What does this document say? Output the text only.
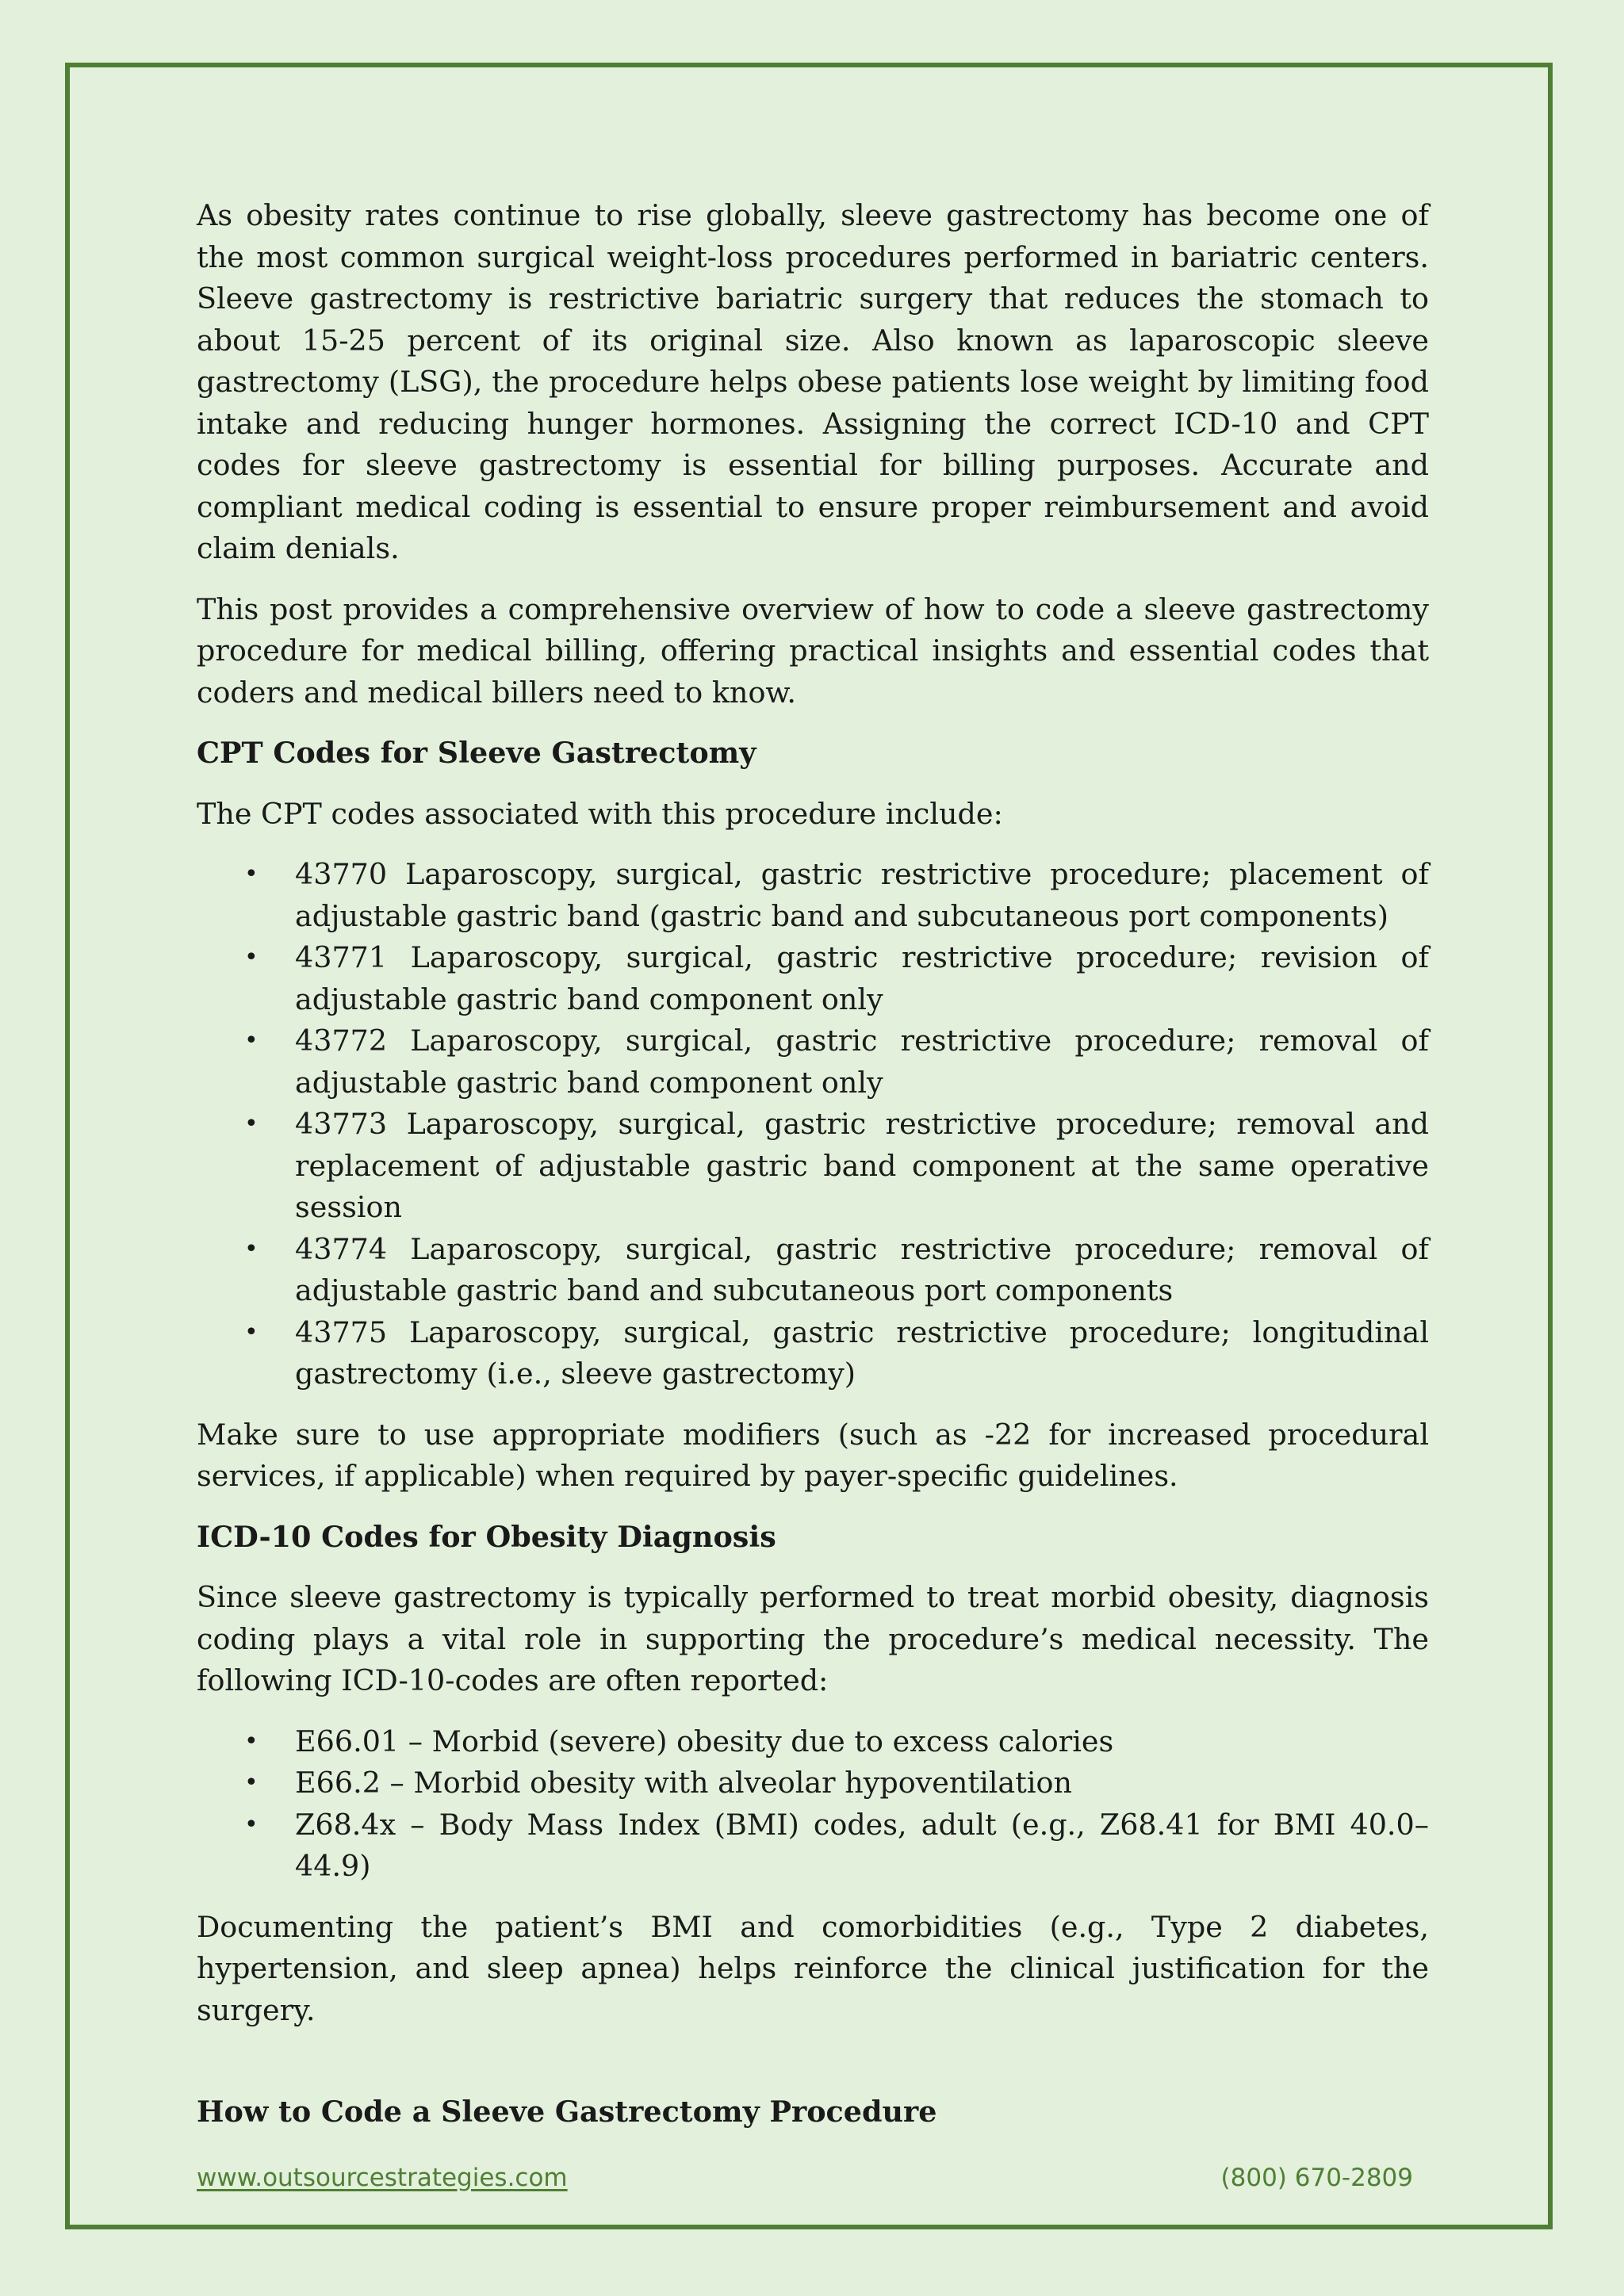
As obesity rates continue to rise globally, sleeve gastrectomy has become one of the most common surgical weight-loss procedures performed in bariatric centers. Sleeve gastrectomy is restrictive bariatric surgery that reduces the stomach to about 15-25 percent of its original size. Also known as laparoscopic sleeve gastrectomy (LSG), the procedure helps obese patients lose weight by limiting food intake and reducing hunger hormones. Assigning the correct ICD-10 and CPT codes for sleeve gastrectomy is essential for billing purposes. Accurate and compliant medical coding is essential to ensure proper reimbursement and avoid claim denials.

This post provides a comprehensive overview of how to code a sleeve gastrectomy procedure for medical billing, offering practical insights and essential codes that coders and medical billers need to know.

CPT Codes for Sleeve Gastrectomy

The CPT codes associated with this procedure include:

• 43770 Laparoscopy, surgical, gastric restrictive procedure; placement of adjustable gastric band (gastric band and subcutaneous port components)
• 43771 Laparoscopy, surgical, gastric restrictive procedure; revision of adjustable gastric band component only
• 43772 Laparoscopy, surgical, gastric restrictive procedure; removal of adjustable gastric band component only
• 43773 Laparoscopy, surgical, gastric restrictive procedure; removal and replacement of adjustable gastric band component at the same operative session
• 43774 Laparoscopy, surgical, gastric restrictive procedure; removal of adjustable gastric band and subcutaneous port components
• 43775 Laparoscopy, surgical, gastric restrictive procedure; longitudinal gastrectomy (i.e., sleeve gastrectomy)

Make sure to use appropriate modifiers (such as -22 for increased procedural services, if applicable) when required by payer-specific guidelines.

ICD-10 Codes for Obesity Diagnosis

Since sleeve gastrectomy is typically performed to treat morbid obesity, diagnosis coding plays a vital role in supporting the procedure’s medical necessity. The following ICD-10-codes are often reported:

• E66.01 – Morbid (severe) obesity due to excess calories
• E66.2 – Morbid obesity with alveolar hypoventilation
• Z68.4x – Body Mass Index (BMI) codes, adult (e.g., Z68.41 for BMI 40.0–44.9)

Documenting the patient’s BMI and comorbidities (e.g., Type 2 diabetes, hypertension, and sleep apnea) helps reinforce the clinical justification for the surgery.

How to Code a Sleeve Gastrectomy Procedure
www.outsourcestrategies.com	(800) 670-2809
